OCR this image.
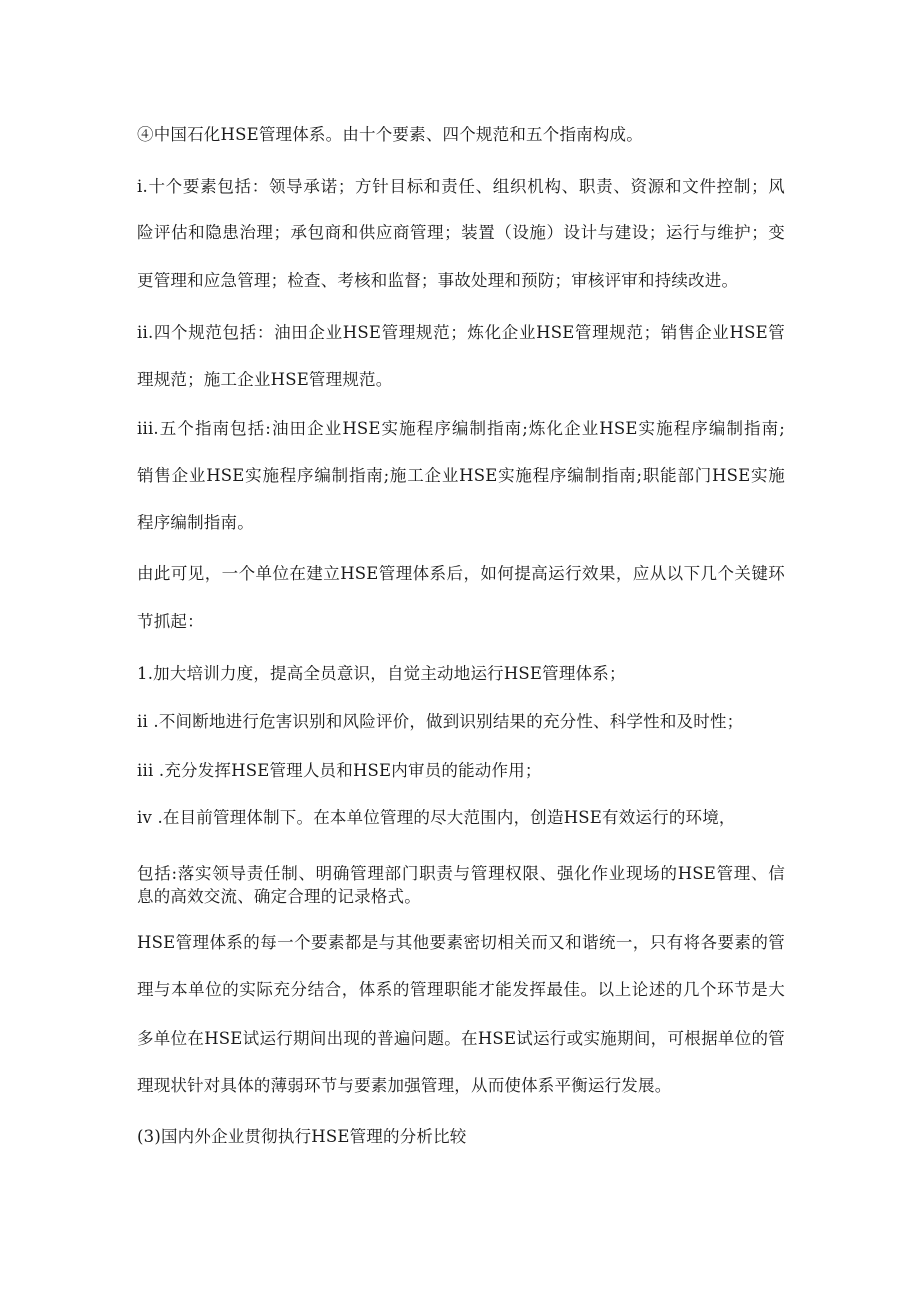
④中国石化HSE管理体系。由十个要素、四个规范和五个指南构成。
i.十个要素包括：领导承诺；方针目标和责任、组织机构、职责、资源和文件控制；风
险评估和隐患治理；承包商和供应商管理；装置（设施）设计与建设；运行与维护；变
更管理和应急管理；检查、考核和监督；事故处理和预防；审核评审和持续改进。
ii.四个规范包括：油田企业HSE管理规范；炼化企业HSE管理规范；销售企业HSE管
理规范；施工企业HSE管理规范。
iii.五个指南包括:油田企业HSE实施程序编制指南;炼化企业HSE实施程序编制指南;
销售企业HSE实施程序编制指南;施工企业HSE实施程序编制指南;职能部门HSE实施
程序编制指南。
由此可见，一个单位在建立HSE管理体系后，如何提高运行效果，应从以下几个关键环
节抓起：
1.加大培训力度，提高全员意识，自觉主动地运行HSE管理体系；
ii .不间断地进行危害识别和风险评价，做到识别结果的充分性、科学性和及时性；
iii .充分发挥HSE管理人员和HSE内审员的能动作用；
iv .在目前管理体制下。在本单位管理的尽大范围内，创造HSE有效运行的环境，
包括:落实领导责任制、明确管理部门职责与管理权限、强化作业现场的HSE管理、信
息的高效交流、确定合理的记录格式。
HSE管理体系的每一个要素都是与其他要素密切相关而又和谐统一，只有将各要素的管
理与本单位的实际充分结合，体系的管理职能才能发挥最佳。以上论述的几个环节是大
多单位在HSE试运行期间出现的普遍问题。在HSE试运行或实施期间，可根据单位的管
理现状针对具体的薄弱环节与要素加强管理，从而使体系平衡运行发展。
(3)国内外企业贯彻执行HSE管理的分析比较
